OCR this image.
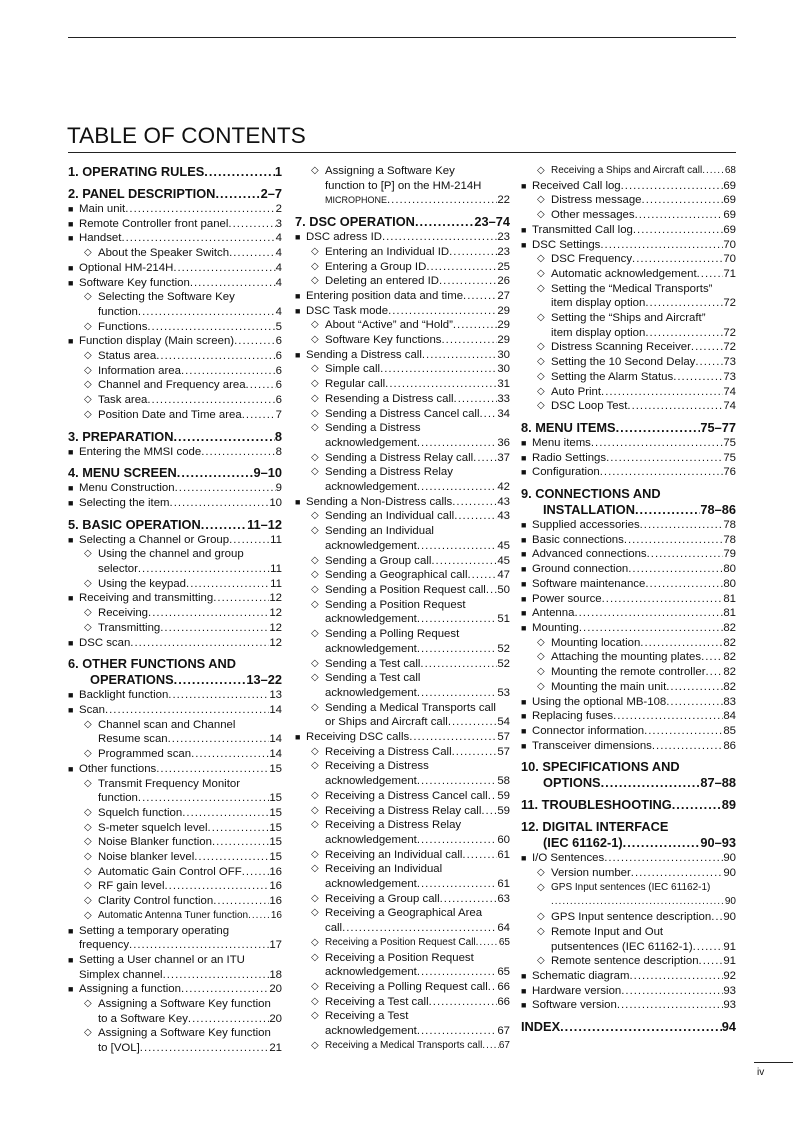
TABLE OF CONTENTS
1. OPERATING RULES .....	1
2. PANEL DESCRIPTION .....	2–7
■ Main unit .....	2
■ Remote Controller front panel .....	3
■ Handset .....	4
◇ About the Speaker Switch .....	4
■ Optional HM-214H .....	4
■ Software Key function .....	4
◇ Selecting the Software Key
function .....	4
◇ Functions .....	5
■ Function display (Main screen) .....	6
◇ Status area .....	6
◇ Information area .....	6
◇ Channel and Frequency area .....	6
◇ Task area .....	6
◇ Position Date and Time area .....	7
3. PREPARATION .....	8
■ Entering the MMSI code .....	8
4. MENU SCREEN .....	9–10
■ Menu Construction .....	9
■ Selecting the item .....	10
5. BASIC OPERATION .....	11–12
■ Selecting a Channel or Group .....	11
◇ Using the channel and group
selector .....	11
◇ Using the keypad .....	11
■ Receiving and transmitting .....	12
◇ Receiving .....	12
◇ Transmitting .....	12
■ DSC scan .....	12
6. OTHER FUNCTIONS AND
OPERATIONS .....	13–22
■ Backlight function .....	13
■ Scan .....	14
◇ Channel scan and Channel
Resume scan .....	14
◇ Programmed scan .....	14
■ Other functions .....	15
◇ Transmit Frequency Monitor
function .....	15
◇ Squelch function .....	15
◇ S-meter squelch level .....	15
◇ Noise Blanker function .....	15
◇ Noise blanker level .....	15
◇ Automatic Gain Control OFF ..... 16
◇ RF gain level .....	16
◇ Clarity Control function .....	16
◇ Automatic Antenna Tuner function ..... 16
■ Setting a temporary operating
frequency .....	17
■ Setting a User channel or an ITU
Simplex channel .....	18
■ Assigning a function .....	20
◇ Assigning a Software Key function
to a Software Key .....	20
◇ Assigning a Software Key function
to [VOL] .....	21
◇ Assigning a Software Key
function to [P] on the HM-214H
MICROPHONE .....	22
7. DSC OPERATION .....	23–74
■ DSC adress ID .....	23
◇ Entering an Individual ID .....	23
◇ Entering a Group ID .....	25
◇ Deleting an entered ID .....	26
■ Entering position data and time .....	27
■ DSC Task mode .....	29
◇ About “Active” and “Hold” .....	29
◇ Software Key functions .....	29
■ Sending a Distress call .....	30
◇ Simple call .....	30
◇ Regular call .....	31
◇ Resending a Distress call .....	33
◇ Sending a Distress Cancel call ..... 34
◇ Sending a Distress
acknowledgement .....	36
◇ Sending a Distress Relay call ..... 37
◇ Sending a Distress Relay
acknowledgement .....	42
■ Sending a Non-Distress calls .....	43
◇ Sending an Individual call .....	43
◇ Sending an Individual
acknowledgement .....	45
◇ Sending a Group call .....	45
◇ Sending a Geographical call .....	47
◇ Sending a Position Request call ..... 50
◇ Sending a Position Request
acknowledgement .....	51
◇ Sending a Polling Request
acknowledgement .....	52
◇ Sending a Test call .....	52
◇ Sending a Test call
acknowledgement .....	53
◇ Sending a Medical Transports call
or Ships and Aircraft call .....	54
■ Receiving DSC calls .....	57
◇ Receiving a Distress Call .....	57
◇ Receiving a Distress
acknowledgement .....	58
◇ Receiving a Distress Cancel call ..... 59
◇ Receiving a Distress Relay call ..... 59
◇ Receiving a Distress Relay
acknowledgement .....	60
◇ Receiving an Individual call .....	61
◇ Receiving an Individual
acknowledgement .....	61
◇ Receiving a Group call .....	63
◇ Receiving a Geographical Area
call .....	64
◇ Receiving a Position Request Call ..... 65
◇ Receiving a Position Request
acknowledgement .....	65
◇ Receiving a Polling Request call ..... 66
◇ Receiving a Test call .....	66
◇ Receiving a Test
acknowledgement .....	67
◇ Receiving a Medical Transports call ..... 67
◇ Receiving a Ships and Aircraft call ..... 68
■ Received Call log .....	69
◇ Distress message .....	69
◇ Other messages .....	69
■ Transmitted Call log .....	69
■ DSC Settings .....	70
◇ DSC Frequency .....	70
◇ Automatic acknowledgement ..... 71
◇ Setting the “Medical Transports”
item display option .....	72
◇ Setting the “Ships and Aircraft”
item display option .....	72
◇ Distress Scanning Receiver .....	72
◇ Setting the 10 Second Delay ..... 73
◇ Setting the Alarm Status .....	73
◇ Auto Print .....	74
◇ DSC Loop Test .....	74
8. MENU ITEMS .....	75–77
■ Menu items .....	75
■ Radio Settings .....	75
■ Configuration .....	76
9. CONNECTIONS AND
INSTALLATION .....	78–86
■ Supplied accessories .....	78
■ Basic connections .....	78
■ Advanced connections .....	79
■ Ground connection .....	80
■ Software maintenance .....	80
■ Power source .....	81
■ Antenna .....	81
■ Mounting .....	82
◇ Mounting location .....	82
◇ Attaching the mounting plates ..... 82
◇ Mounting the remote controller ..... 82
◇ Mounting the main unit .....	82
■ Using the optional MB-108 .....	83
■ Replacing fuses .....	84
■ Connector information .....	85
■ Transceiver dimensions .....	86
10. SPECIFICATIONS AND
OPTIONS .....	87–88
11. TROUBLESHOOTING .....	89
12. DIGITAL INTERFACE
(IEC 61162-1) .....	90–93
■ I/O Sentences .....	90
◇ Version number .....	90
◇ GPS Input sentences (IEC 61162-1)
.....
90
◇ GPS Input sentence description ..... 90
◇ Remote Input and Out
putsentences (IEC 61162-1) .....	91
◇ Remote sentence description ..... 91
■ Schematic diagram .....	92
■ Hardware version .....	93
■ Software version .....	93
INDEX .....	94
iv
